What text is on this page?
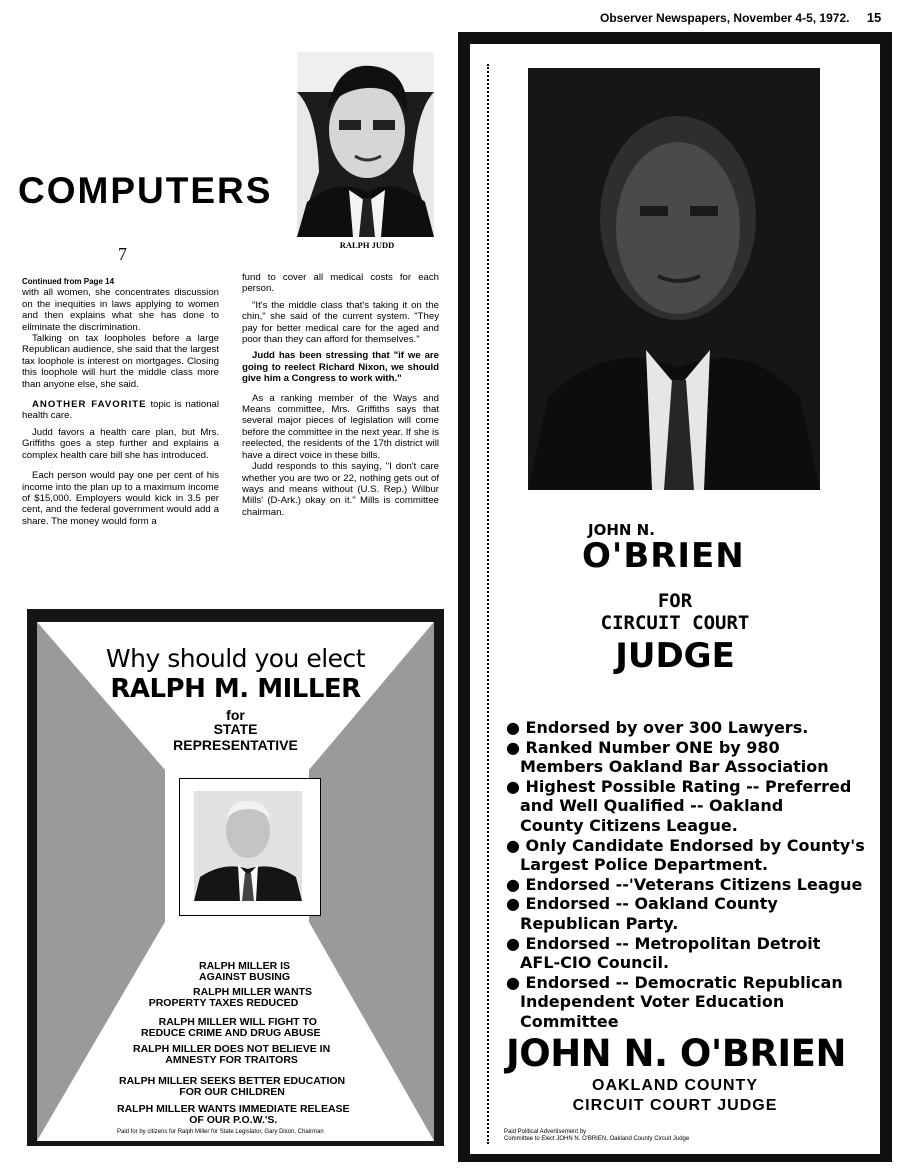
Observer Newspapers, November 4-5, 1972. 15
COMPUTERS
RALPH JUDD
7

Continued from Page 14

with all women, she concentrates discussion on the inequities in laws applying to women and then explains what she has done to eliminate the discrimination.

Talking on tax loopholes before a large Republican audience, she said that the largest tax loophole is interest on mortgages. Closing this loophole will hurt the middle class more than anyone else, she said.

ANOTHER FAVORITE topic is national health care.

Judd favors a health care plan, but Mrs. Griffiths goes a step further and explains a complex health care bill she has introduced.

Each person would pay one per cent of his income into the plan up to a maximum income of $15,000. Employers would kick in 3.5 per cent, and the federal government would add a share. The money would form a

fund to cover all medical costs for each person.

"It's the middle class that's taking it on the chin," she said of the current system. "They pay for better medical care for the aged and poor than they can afford for themselves."

Judd has been stressing that "if we are going to reelect Richard Nixon, we should give him a Congress to work with."

As a ranking member of the Ways and Means committee, Mrs. Griffiths says that several major pieces of legislation will come before the committee in the next year. If she is reelected, the residents of the 17th district will have a direct voice in these bills.

Judd responds to this saying, "I don't care whether you are two or 22, nothing gets out of ways and means without (U.S. Rep.) Wilbur Mills' (D-Ark.) okay on it." Mills is committee chairman.

Why should you elect
RALPH M. MILLER
for
STATE
REPRESENTATIVE
RALPH MILLER IS
AGAINST BUSING
RALPH MILLER WANTS
PROPERTY TAXES REDUCED
RALPH MILLER WILL FIGHT TO
REDUCE CRIME AND DRUG ABUSE
RALPH MILLER DOES NOT BELIEVE IN
AMNESTY FOR TRAITORS
RALPH MILLER SEEKS BETTER EDUCATION
FOR OUR CHILDREN
RALPH MILLER WANTS IMMEDIATE RELEASE
OF OUR P.O.W.'S.
Paid for by citizens for Ralph Miller for State Legislator, Gary Dixon, Chairman
JOHN N.
O'BRIEN
FOR
CIRCUIT COURT
JUDGE
● Endorsed by over 300 Lawyers.
● Ranked Number ONE by 980
Members Oakland Bar Association
● Highest Possible Rating -- Preferred
and Well Qualified -- Oakland
County Citizens League.
● Only Candidate Endorsed by County's
Largest Police Department.
● Endorsed --'Veterans Citizens League
● Endorsed -- Oakland County
Republican Party.
● Endorsed -- Metropolitan Detroit
AFL-CIO Council.
● Endorsed -- Democratic Republican
Independent Voter Education
Committee
JOHN N. O'BRIEN
OAKLAND COUNTY
CIRCUIT COURT JUDGE
Paid Political Advertisement by
Committee to Elect JOHN N. O'BRIEN, Oakland County Circuit Judge
